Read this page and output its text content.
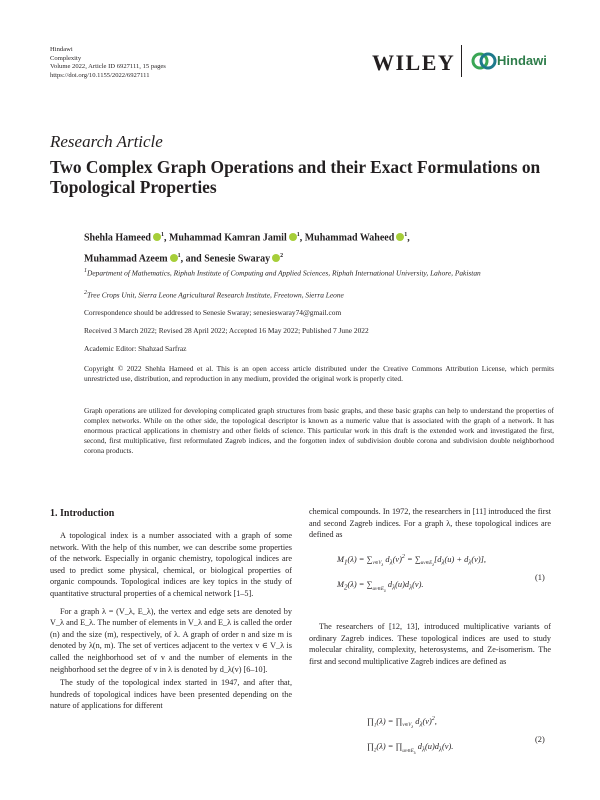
Hindawi
Complexity
Volume 2022, Article ID 6927111, 15 pages
https://doi.org/10.1155/2022/6927111
WILEY	Hindawi
Research Article
Two Complex Graph Operations and their Exact Formulations on Topological Properties
Shehla Hameed $^1$, Muhammad Kamran Jamil $^1$, Muhammad Waheed $^1$,
Muhammad Azeem $^1$, and Senesie Swaray $^2$
$^1$Department of Mathematics, Riphah Institute of Computing and Applied Sciences, Riphah International University, Lahore, Pakistan
$^2$Tree Crops Unit, Sierra Leone Agricultural Research Institute, Freetown, Sierra Leone
Correspondence should be addressed to Senesie Swaray; senesieswaray74@gmail.com
Received 3 March 2022; Revised 28 April 2022; Accepted 16 May 2022; Published 7 June 2022
Academic Editor: Shahzad Sarfraz
Copyright © 2022 Shehla Hameed et al. This is an open access article distributed under the Creative Commons Attribution License, which permits unrestricted use, distribution, and reproduction in any medium, provided the original work is properly cited.
Graph operations are utilized for developing complicated graph structures from basic graphs, and these basic graphs can help to understand the properties of complex networks. While on the other side, the topological descriptor is known as a numeric value that is associated with the graph of a network. It has enormous practical applications in chemistry and other fields of science. This particular work in this draft is the extended work and investigated the first, second, first multiplicative, first reformulated Zagreb indices, and the forgotten index of subdivision double corona and subdivision double neighborhood corona products.
1. Introduction

A topological index is a number associated with a graph of some network. With the help of this number, we can describe some properties of the network. Especially in organic chemistry, topological indices are used to predict some physical, chemical, or biological properties of organic compounds. Topological indices are key topics in the study of quantitative structural properties of a chemical network [1–5].

For a graph λ = (V_λ, E_λ), the vertex and edge sets are denoted by V_λ and E_λ. The number of elements in V_λ and E_λ is called the order (n) and the size (m), respectively, of λ. A graph of order n and size m is denoted by λ(n, m). The set of vertices adjacent to the vertex v ∈ V_λ is called the neighborhood set of v and the number of elements in the neighborhood set the degree of v in λ is denoted by d_λ(v) [6–10].

The study of the topological index started in 1947, and after that, hundreds of topological indices have been presented depending on the nature of applications for different

chemical compounds. In 1972, the researchers in [11] introduced the first and second Zagreb indices. For a graph λ, these topological indices are defined as
$M_1(\lambda) = \sum_{v\in V_\lambda}$ $d_\lambda(v)^2 = \sum_{uv\in E_\lambda}[d_\lambda(u) + d_\lambda(v)]$,
$M_2(\lambda) = \sum_{uv\in E_\lambda}$ $d_\lambda(u)d_\lambda(v)$.
(1)

The researchers of [12, 13], introduced multiplicative variants of ordinary Zagreb indices. These topological indices are used to study molecular chirality, complexity, heterosystems, and Ze-isomerism. The first and second multiplicative Zagreb indices are defined as

$\prod_1(\lambda)$ = $\prod_{v\in V_\lambda}$ $d_\lambda(v)^2$,
$\prod_2(\lambda)$ = $\prod_{uv\in E_\lambda}$ $d_\lambda(u)d_\lambda(v)$.
(2)
